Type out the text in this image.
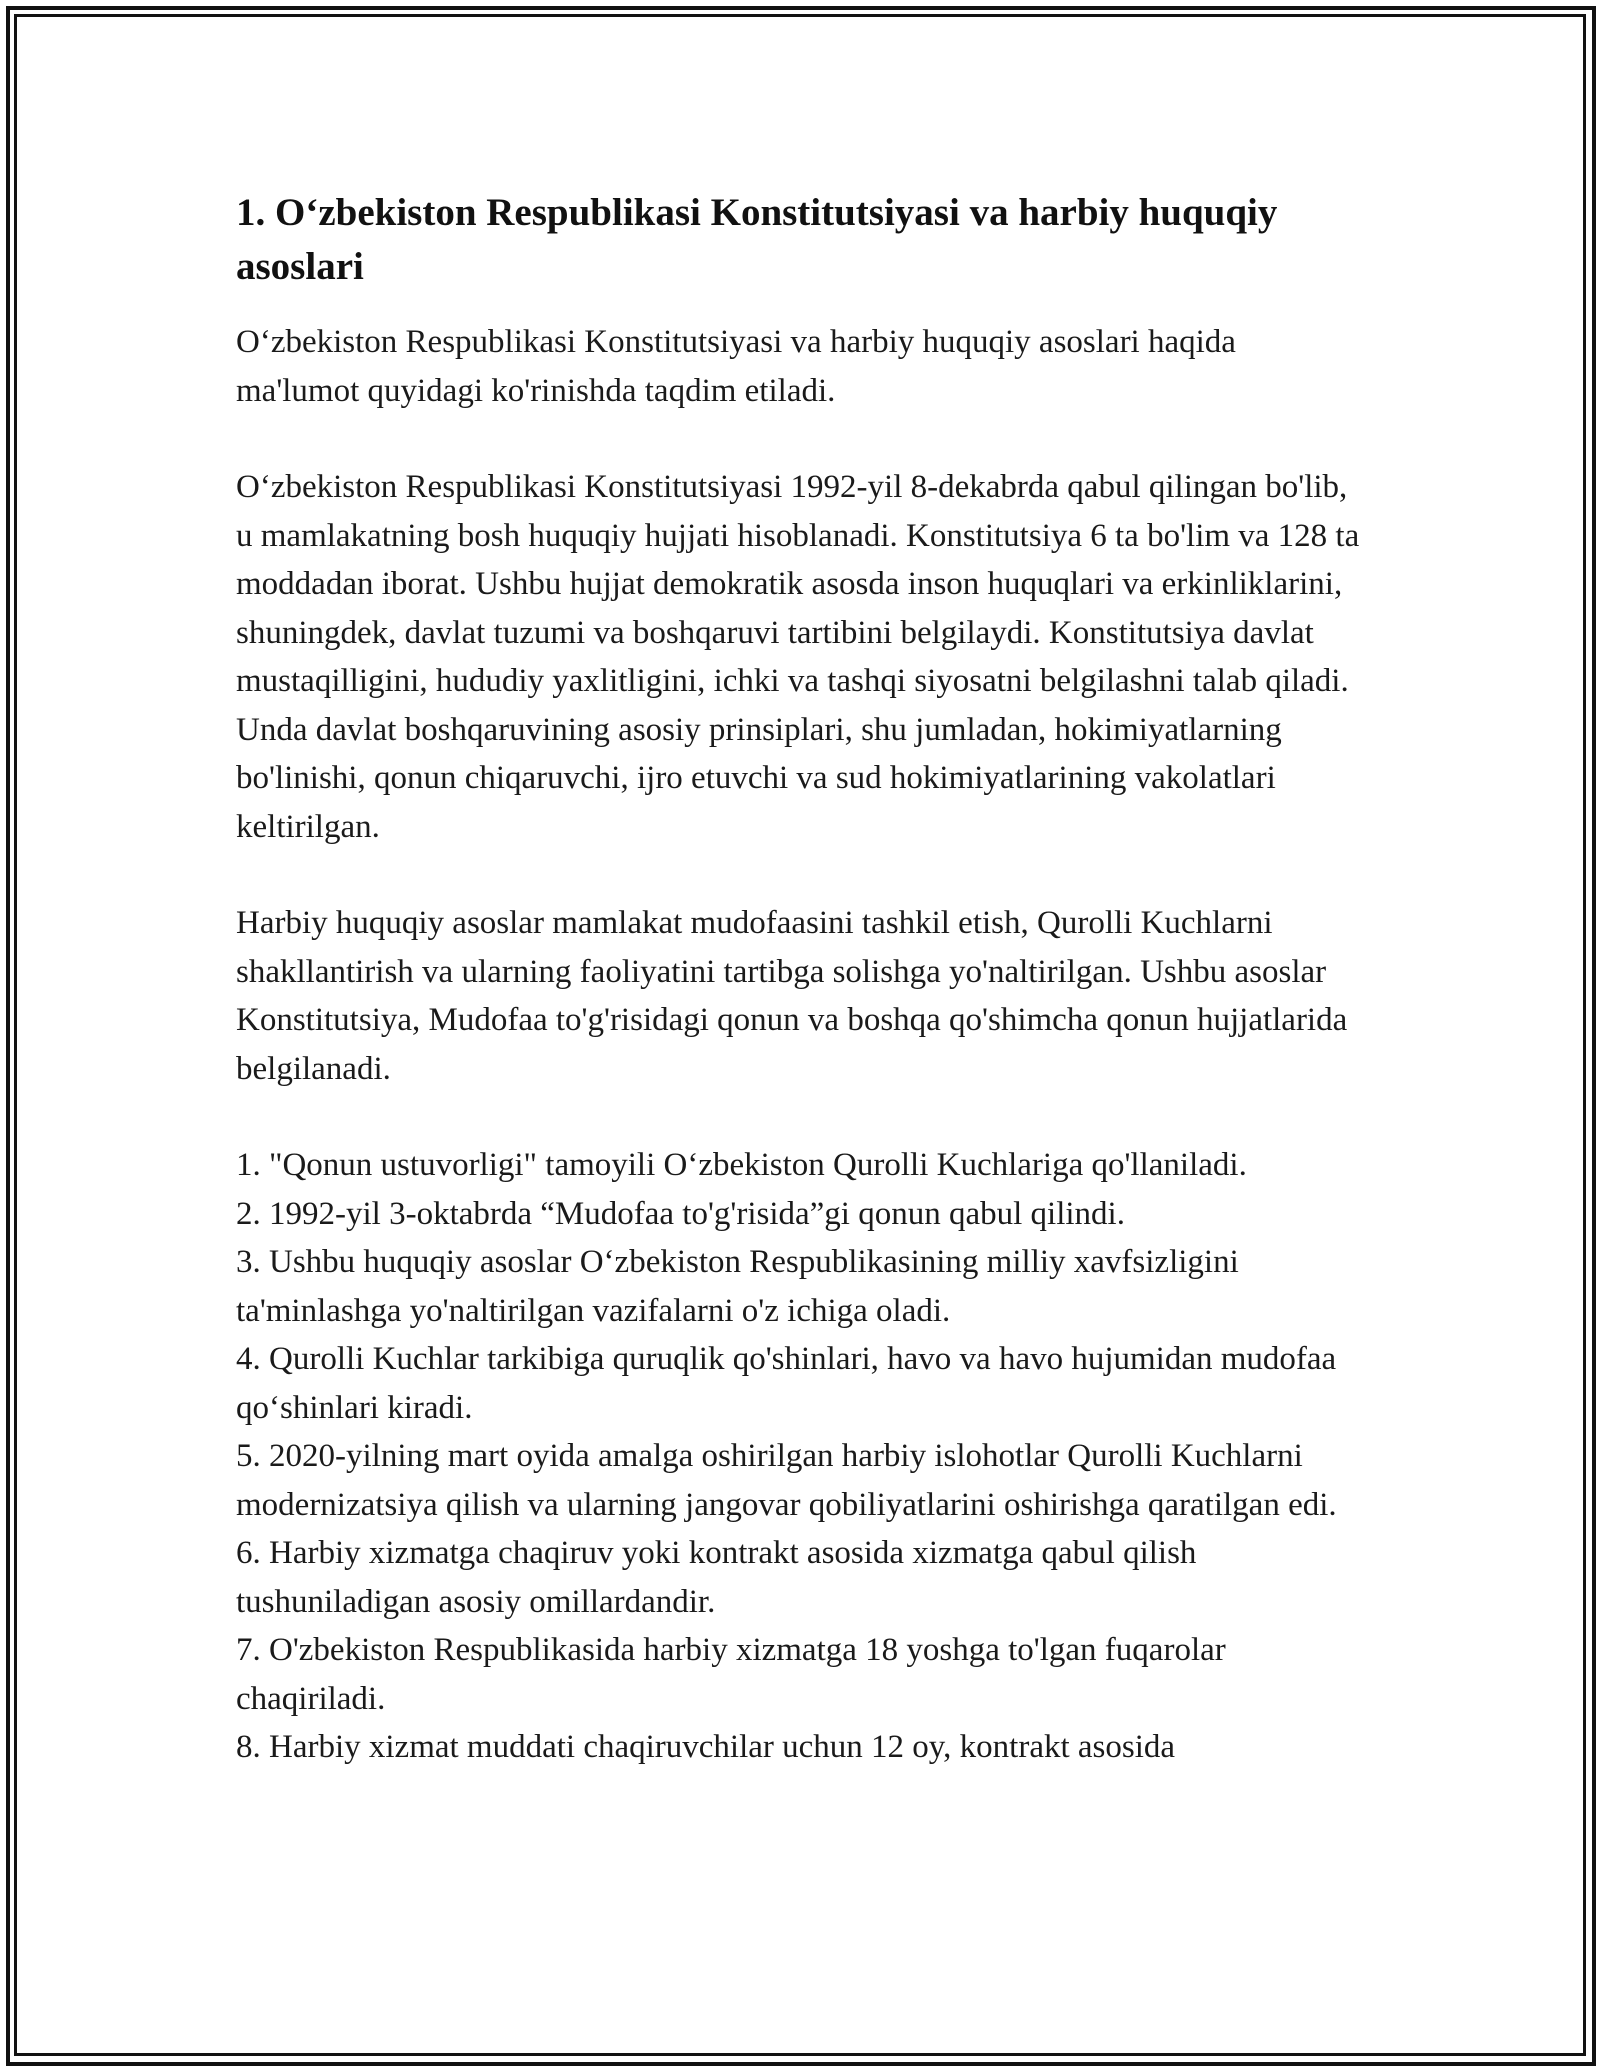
1. O‘zbekiston Respublikasi Konstitutsiyasi va harbiy huquqiy asoslari

O‘zbekiston Respublikasi Konstitutsiyasi va harbiy huquqiy asoslari haqida ma'lumot quyidagi ko'rinishda taqdim etiladi.

O‘zbekiston Respublikasi Konstitutsiyasi 1992-yil 8-dekabrda qabul qilingan bo'lib, u mamlakatning bosh huquqiy hujjati hisoblanadi. Konstitutsiya 6 ta bo'lim va 128 ta moddadan iborat. Ushbu hujjat demokratik asosda inson huquqlari va erkinliklarini, shuningdek, davlat tuzumi va boshqaruvi tartibini belgilaydi. Konstitutsiya davlat mustaqilligini, hududiy yaxlitligini, ichki va tashqi siyosatni belgilashni talab qiladi. Unda davlat boshqaruvining asosiy prinsiplari, shu jumladan, hokimiyatlarning bo'linishi, qonun chiqaruvchi, ijro etuvchi va sud hokimiyatlarining vakolatlari keltirilgan.

Harbiy huquqiy asoslar mamlakat mudofaasini tashkil etish, Qurolli Kuchlarni shakllantirish va ularning faoliyatini tartibga solishga yo'naltirilgan. Ushbu asoslar Konstitutsiya, Mudofaa to'g'risidagi qonun va boshqa qo'shimcha qonun hujjatlarida belgilanadi.

1. "Qonun ustuvorligi" tamoyili O‘zbekiston Qurolli Kuchlariga qo'llaniladi.
2. 1992-yil 3-oktabrda “Mudofaa to'g'risida”gi qonun qabul qilindi.
3. Ushbu huquqiy asoslar O‘zbekiston Respublikasining milliy xavfsizligini ta'minlashga yo'naltirilgan vazifalarni o'z ichiga oladi.
4. Qurolli Kuchlar tarkibiga quruqlik qo'shinlari, havo va havo hujumidan mudofaa qo‘shinlari kiradi.
5. 2020-yilning mart oyida amalga oshirilgan harbiy islohotlar Qurolli Kuchlarni modernizatsiya qilish va ularning jangovar qobiliyatlarini oshirishga qaratilgan edi.
6. Harbiy xizmatga chaqiruv yoki kontrakt asosida xizmatga qabul qilish tushuniladigan asosiy omillardandir.
7. O'zbekiston Respublikasida harbiy xizmatga 18 yoshga to'lgan fuqarolar chaqiriladi.
8. Harbiy xizmat muddati chaqiruvchilar uchun 12 oy, kontrakt asosida
